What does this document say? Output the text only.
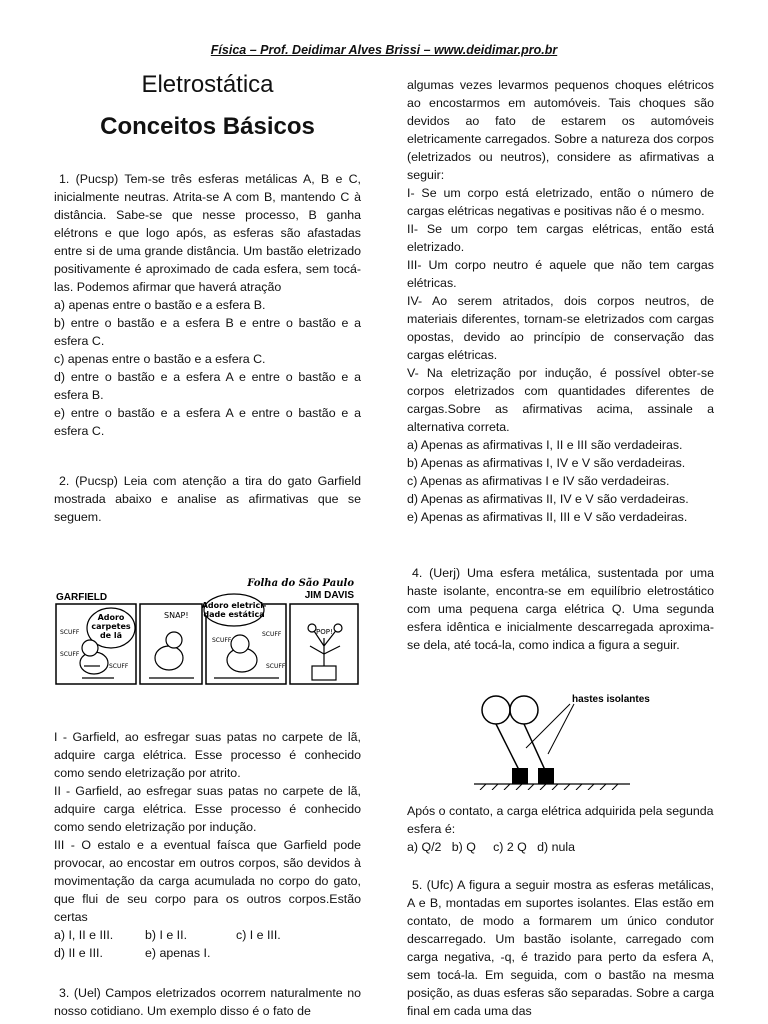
Física – Prof. Deidimar Alves Brissi – www.deidimar.pro.br
Eletrostática
Conceitos Básicos

1. (Pucsp) Tem-se três esferas metálicas A, B e C, inicialmente neutras. Atrita-se A com B, mantendo C à distância. Sabe-se que nesse processo, B ganha elétrons e que logo após, as esferas são afastadas entre si de uma grande distância. Um bastão eletrizado positivamente é aproximado de cada esfera, sem tocá-las. Podemos afirmar que haverá atração

a) apenas entre o bastão e a esfera B.

b) entre o bastão e a esfera B e entre o bastão e a esfera C.

c) apenas entre o bastão e a esfera C.

d) entre o bastão e a esfera A e entre o bastão e a esfera B.

e) entre o bastão e a esfera A e entre o bastão e a esfera C.

2. (Pucsp) Leia com atenção a tira do gato Garfield mostrada abaixo e analise as afirmativas que se seguem.

Folha do São Paulo
GARFIELD	JIM DAVIS
Adoro
carpetes
de lã
SCUFF
SCUFF
SCUFF
SNAP!
Adoro eletrici-
dade estática
SCUFF
SCUFF
SCUFF
POP!

I - Garfield, ao esfregar suas patas no carpete de lã, adquire carga elétrica. Esse processo é conhecido como sendo eletrização por atrito.

II - Garfield, ao esfregar suas patas no carpete de lã, adquire carga elétrica. Esse processo é conhecido como sendo eletrização por indução.

III - O estalo e a eventual faísca que Garfield pode provocar, ao encostar em outros corpos, são devidos à movimentação da carga acumulada no corpo do gato, que flui de seu corpo para os outros corpos.Estão certas

a) I, II e III.	b) I e II.	c) I e III.
d) II e III.	e) apenas I.

3. (Uel) Campos eletrizados ocorrem naturalmente no nosso cotidiano. Um exemplo disso é o fato de

algumas vezes levarmos pequenos choques elétricos ao encostarmos em automóveis. Tais choques são devidos ao fato de estarem os automóveis eletricamente carregados. Sobre a natureza dos corpos (eletrizados ou neutros), considere as afirmativas a seguir:

I- Se um corpo está eletrizado, então o número de cargas elétricas negativas e positivas não é o mesmo.

II- Se um corpo tem cargas elétricas, então está eletrizado.

III- Um corpo neutro é aquele que não tem cargas elétricas.

IV- Ao serem atritados, dois corpos neutros, de materiais diferentes, tornam-se eletrizados com cargas opostas, devido ao princípio de conservação das cargas elétricas.

V- Na eletrização por indução, é possível obter-se corpos eletrizados com quantidades diferentes de cargas.Sobre as afirmativas acima, assinale a alternativa correta.

a) Apenas as afirmativas I, II e III são verdadeiras.

b) Apenas as afirmativas I, IV e V são verdadeiras.

c) Apenas as afirmativas I e IV são verdadeiras.

d) Apenas as afirmativas II, IV e V são verdadeiras.

e) Apenas as afirmativas II, III e V são verdadeiras.

4. (Uerj) Uma esfera metálica, sustentada por uma haste isolante, encontra-se em equilíbrio eletrostático com uma pequena carga elétrica Q. Uma segunda esfera idêntica e inicialmente descarregada aproxima-se dela, até tocá-la, como indica a figura a seguir.

hastes isolantes

Após o contato, a carga elétrica adquirida pela segunda esfera é:

a) Q/2   b) Q     c) 2 Q   d) nula

5. (Ufc) A figura a seguir mostra as esferas metálicas, A e B, montadas em suportes isolantes. Elas estão em contato, de modo a formarem um único condutor descarregado. Um bastão isolante, carregado com carga negativa, -q, é trazido para perto da esfera A, sem tocá-la. Em seguida, com o bastão na mesma posição, as duas esferas são separadas. Sobre a carga final em cada uma das
